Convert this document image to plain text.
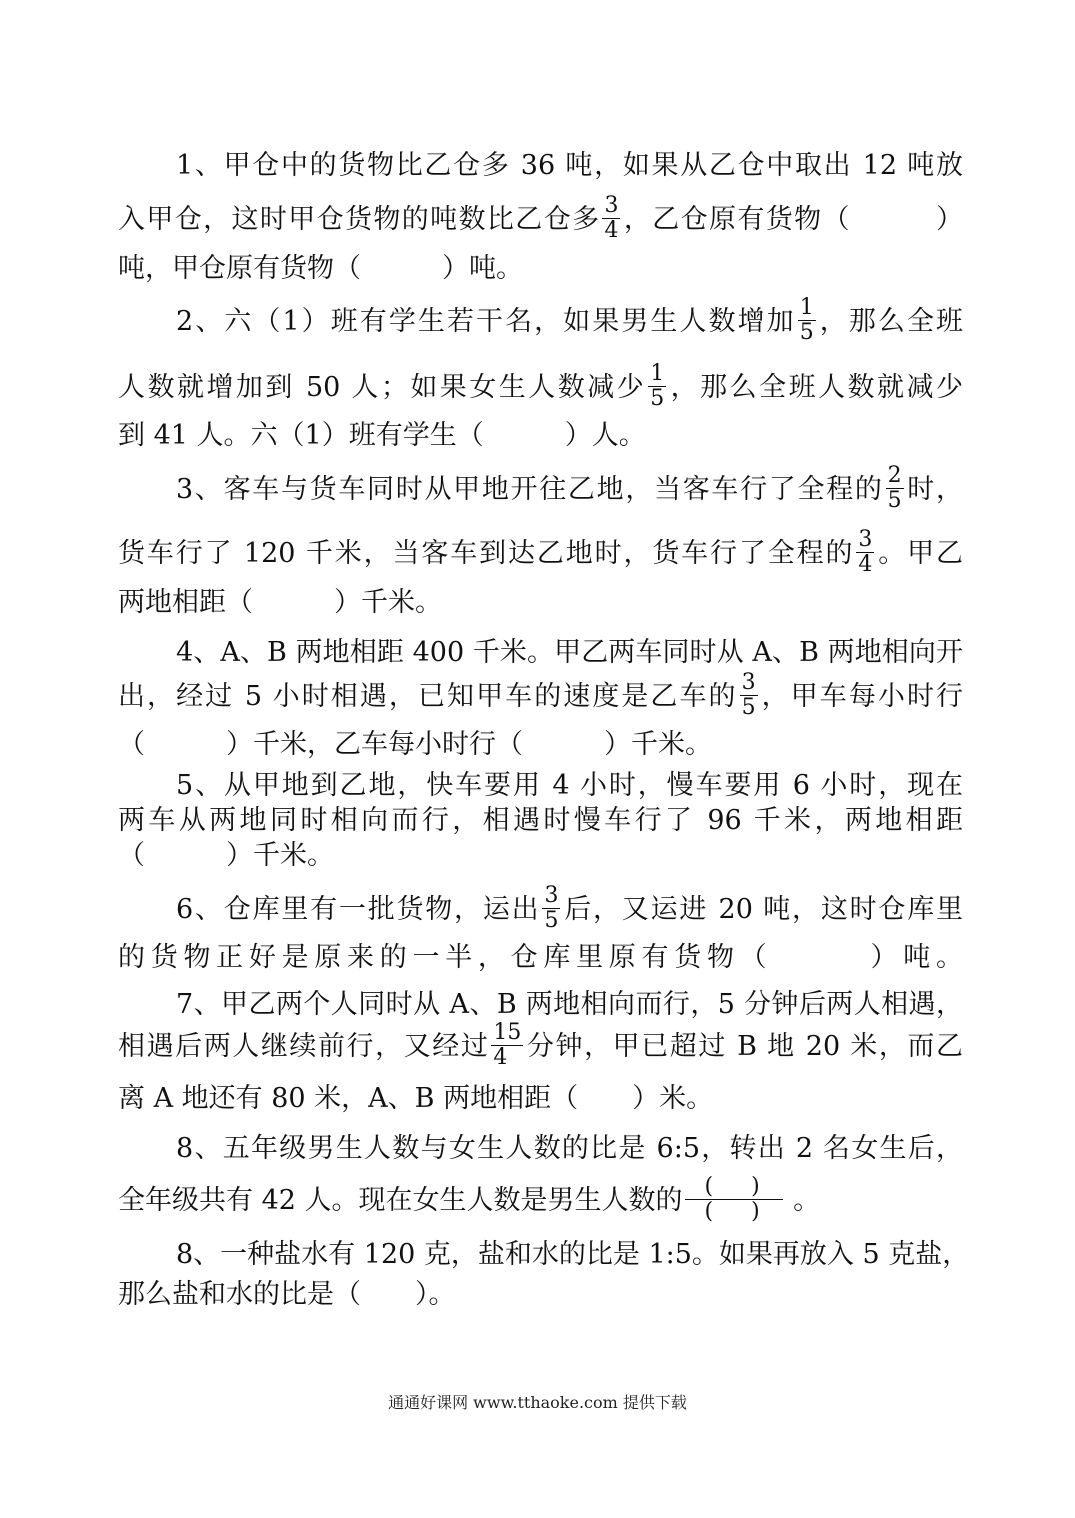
1、甲仓中的货物比乙仓多 36 吨，如果从乙仓中取出 12 吨放
入甲仓，这时甲仓货物的吨数比乙仓多 $\frac{3}{4}$ ，乙仓原有货物（　　　）
吨，甲仓原有货物（　　　）吨。
2、六（1）班有学生若干名，如果男生人数增加 $\frac{1}{5}$ ，那么全班
人数就增加到 50 人；如果女生人数减少 $\frac{1}{5}$ ，那么全班人数就减少
到 41 人。六（1）班有学生（　　　）人。
3、客车与货车同时从甲地开往乙地，当客车行了全程的 $\frac{2}{5}$ 时，
货车行了 120 千米，当客车到达乙地时，货车行了全程的 $\frac{3}{4}$ 。甲乙
两地相距（　　　）千米。
4、A、B 两地相距 400 千米。甲乙两车同时从 A、B 两地相向开
出，经过 5 小时相遇，已知甲车的速度是乙车的 $\frac{3}{5}$ ，甲车每小时行
（　　　）千米，乙车每小时行（　　　）千米。
5、从甲地到乙地，快车要用 4 小时，慢车要用 6 小时，现在
两车从两地同时相向而行，相遇时慢车行了 96 千米，两地相距
（　　　）千米。
6、仓库里有一批货物，运出 $\frac{3}{5}$ 后，又运进 20 吨，这时仓库里
的货物正好是原来的一半，仓库里原有货物（　　　）吨。
7、甲乙两个人同时从 A、B 两地相向而行，5 分钟后两人相遇，
相遇后两人继续前行，又经过 $\frac{15}{4}$ 分钟，甲已超过 B 地 20 米，而乙
离 A 地还有 80 米，A、B 两地相距（　　）米。
8、五年级男生人数与女生人数的比是 6:5，转出 2 名女生后，
全年级共有 42 人。现在女生人数是男生人数的 $\frac{()}{()}$ 。
8、一种盐水有 120 克，盐和水的比是 1:5。如果再放入 5 克盐，
那么盐和水的比是（　　）。
通通好课网 www.tthaoke.com 提供下载
